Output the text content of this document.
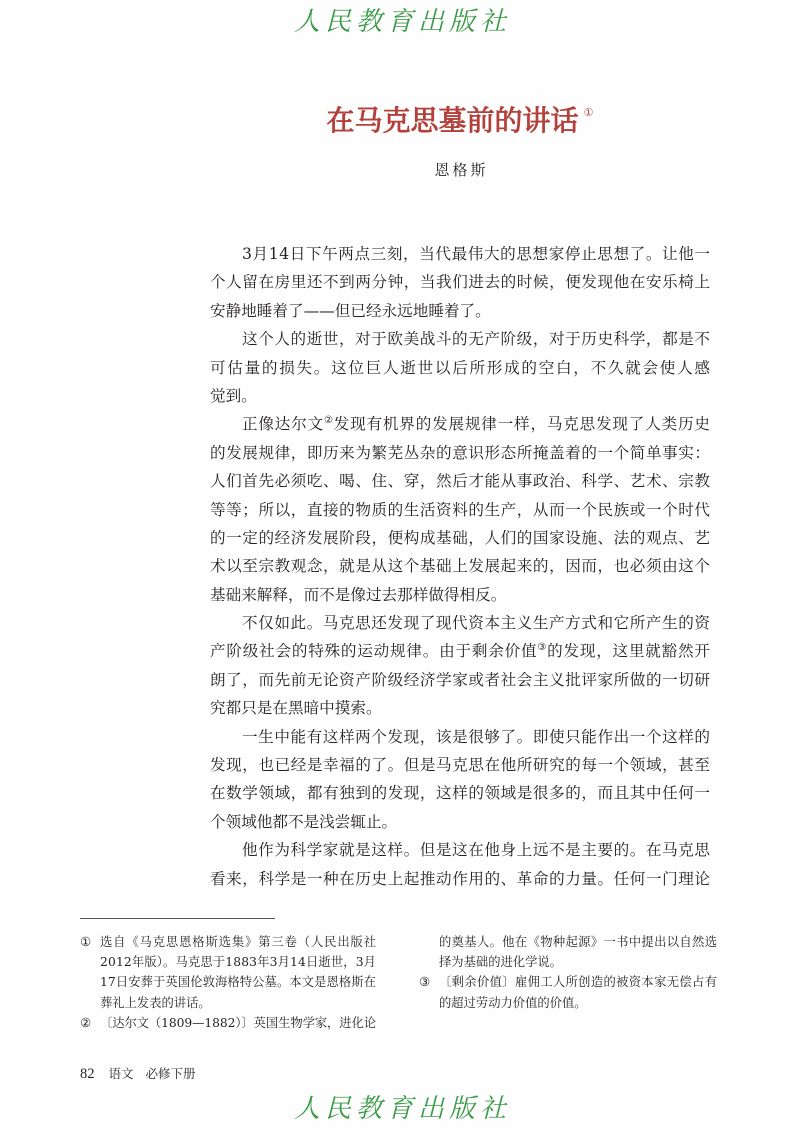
人民教育出版社
在马克思墓前的讲话 ①
恩格斯
3月14日下午两点三刻，当代最伟大的思想家停止思想了。让他一
个人留在房里还不到两分钟，当我们进去的时候，便发现他在安乐椅上
安静地睡着了——但已经永远地睡着了。
这个人的逝世，对于欧美战斗的无产阶级，对于历史科学，都是不
可估量的损失。这位巨人逝世以后所形成的空白，不久就会使人感
觉到。
正像达尔文②发现有机界的发展规律一样，马克思发现了人类历史
的发展规律，即历来为繁芜丛杂的意识形态所掩盖着的一个简单事实：
人们首先必须吃、喝、住、穿，然后才能从事政治、科学、艺术、宗教
等等；所以，直接的物质的生活资料的生产，从而一个民族或一个时代
的一定的经济发展阶段，便构成基础，人们的国家设施、法的观点、艺
术以至宗教观念，就是从这个基础上发展起来的，因而，也必须由这个
基础来解释，而不是像过去那样做得相反。
不仅如此。马克思还发现了现代资本主义生产方式和它所产生的资
产阶级社会的特殊的运动规律。由于剩余价值③的发现，这里就豁然开
朗了，而先前无论资产阶级经济学家或者社会主义批评家所做的一切研
究都只是在黑暗中摸索。
一生中能有这样两个发现，该是很够了。即使只能作出一个这样的
发现，也已经是幸福的了。但是马克思在他所研究的每一个领域，甚至
在数学领域，都有独到的发现，这样的领域是很多的，而且其中任何一
个领域他都不是浅尝辄止。
他作为科学家就是这样。但是这在他身上远不是主要的。在马克思
看来，科学是一种在历史上起推动作用的、革命的力量。任何一门理论
① 选自《马克思恩格斯选集》第三卷（人民出版社
2012年版）。马克思于1883年3月14日逝世，3月
17日安葬于英国伦敦海格特公墓。本文是恩格斯在
葬礼上发表的讲话。
② 〔达尔文（1809—1882）〕英国生物学家，进化论
的奠基人。他在《物种起源》一书中提出以自然选
择为基础的进化学说。
③ 〔剩余价值〕雇佣工人所创造的被资本家无偿占有
的超过劳动力价值的价值。
82 语文 必修下册
人民教育出版社
